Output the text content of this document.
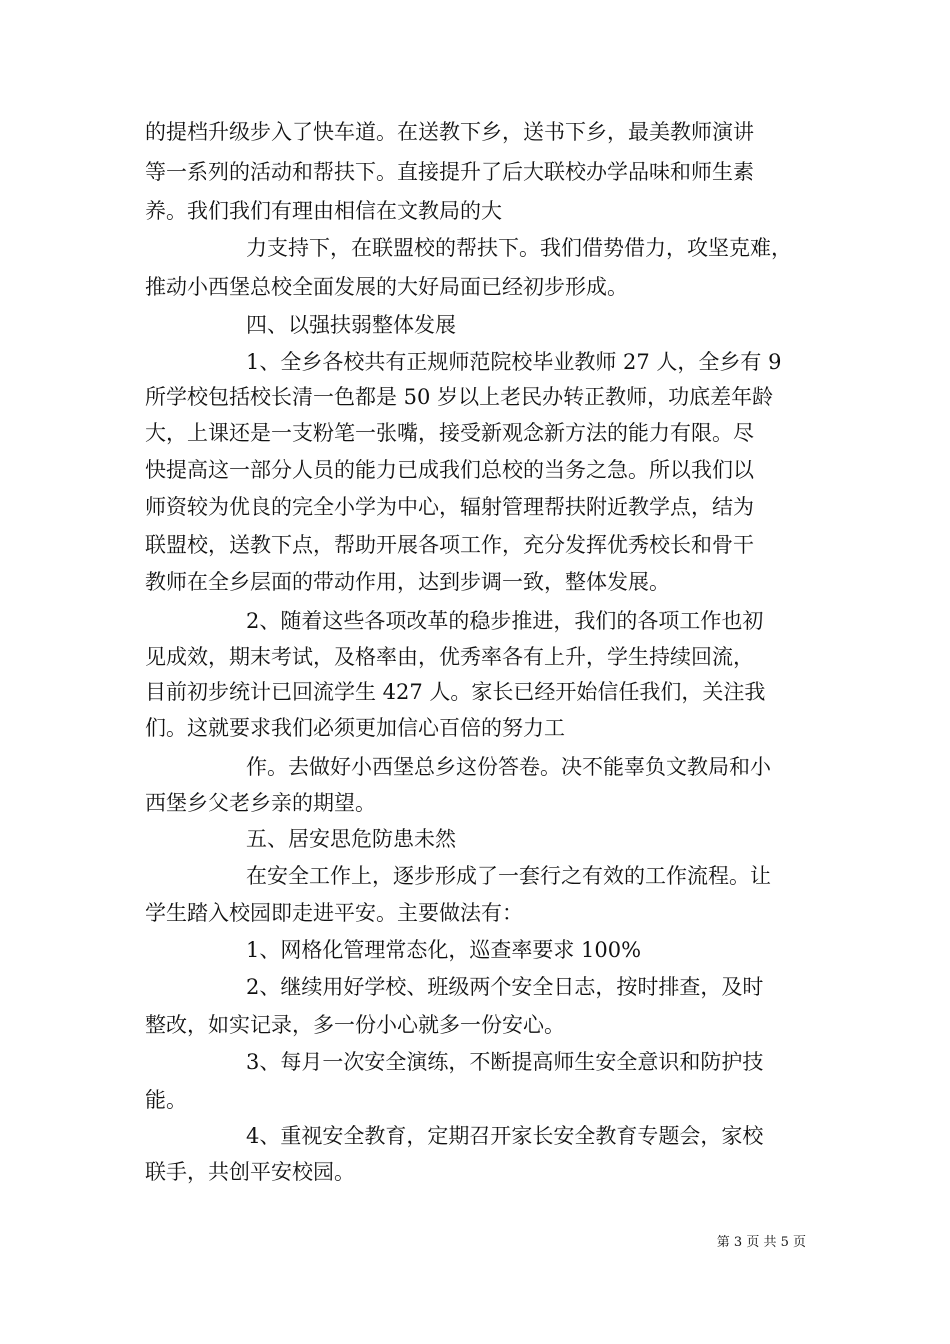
的提档升级步入了快车道。在送教下乡，送书下乡，最美教师演讲
等一系列的活动和帮扶下。直接提升了后大联校办学品味和师生素
养。我们我们有理由相信在文教局的大
力支持下，在联盟校的帮扶下。我们借势借力，攻坚克难，
推动小西堡总校全面发展的大好局面已经初步形成。
四、以强扶弱整体发展
1、全乡各校共有正规师范院校毕业教师 27 人，全乡有 9
所学校包括校长清一色都是 50 岁以上老民办转正教师，功底差年龄
大，上课还是一支粉笔一张嘴，接受新观念新方法的能力有限。尽
快提高这一部分人员的能力已成我们总校的当务之急。所以我们以
师资较为优良的完全小学为中心，辐射管理帮扶附近教学点，结为
联盟校，送教下点，帮助开展各项工作，充分发挥优秀校长和骨干
教师在全乡层面的带动作用，达到步调一致，整体发展。
2、随着这些各项改革的稳步推进，我们的各项工作也初
见成效，期末考试，及格率由，优秀率各有上升，学生持续回流，
目前初步统计已回流学生 427 人。家长已经开始信任我们，关注我
们。这就要求我们必须更加信心百倍的努力工
作。去做好小西堡总乡这份答卷。决不能辜负文教局和小
西堡乡父老乡亲的期望。
五、居安思危防患未然
在安全工作上，逐步形成了一套行之有效的工作流程。让
学生踏入校园即走进平安。主要做法有：
1、网格化管理常态化，巡查率要求 100%
2、继续用好学校、班级两个安全日志，按时排查，及时
整改，如实记录，多一份小心就多一份安心。
3、每月一次安全演练，不断提高师生安全意识和防护技
能。
4、重视安全教育，定期召开家长安全教育专题会，家校
联手，共创平安校园。
第 3 页 共 5 页
